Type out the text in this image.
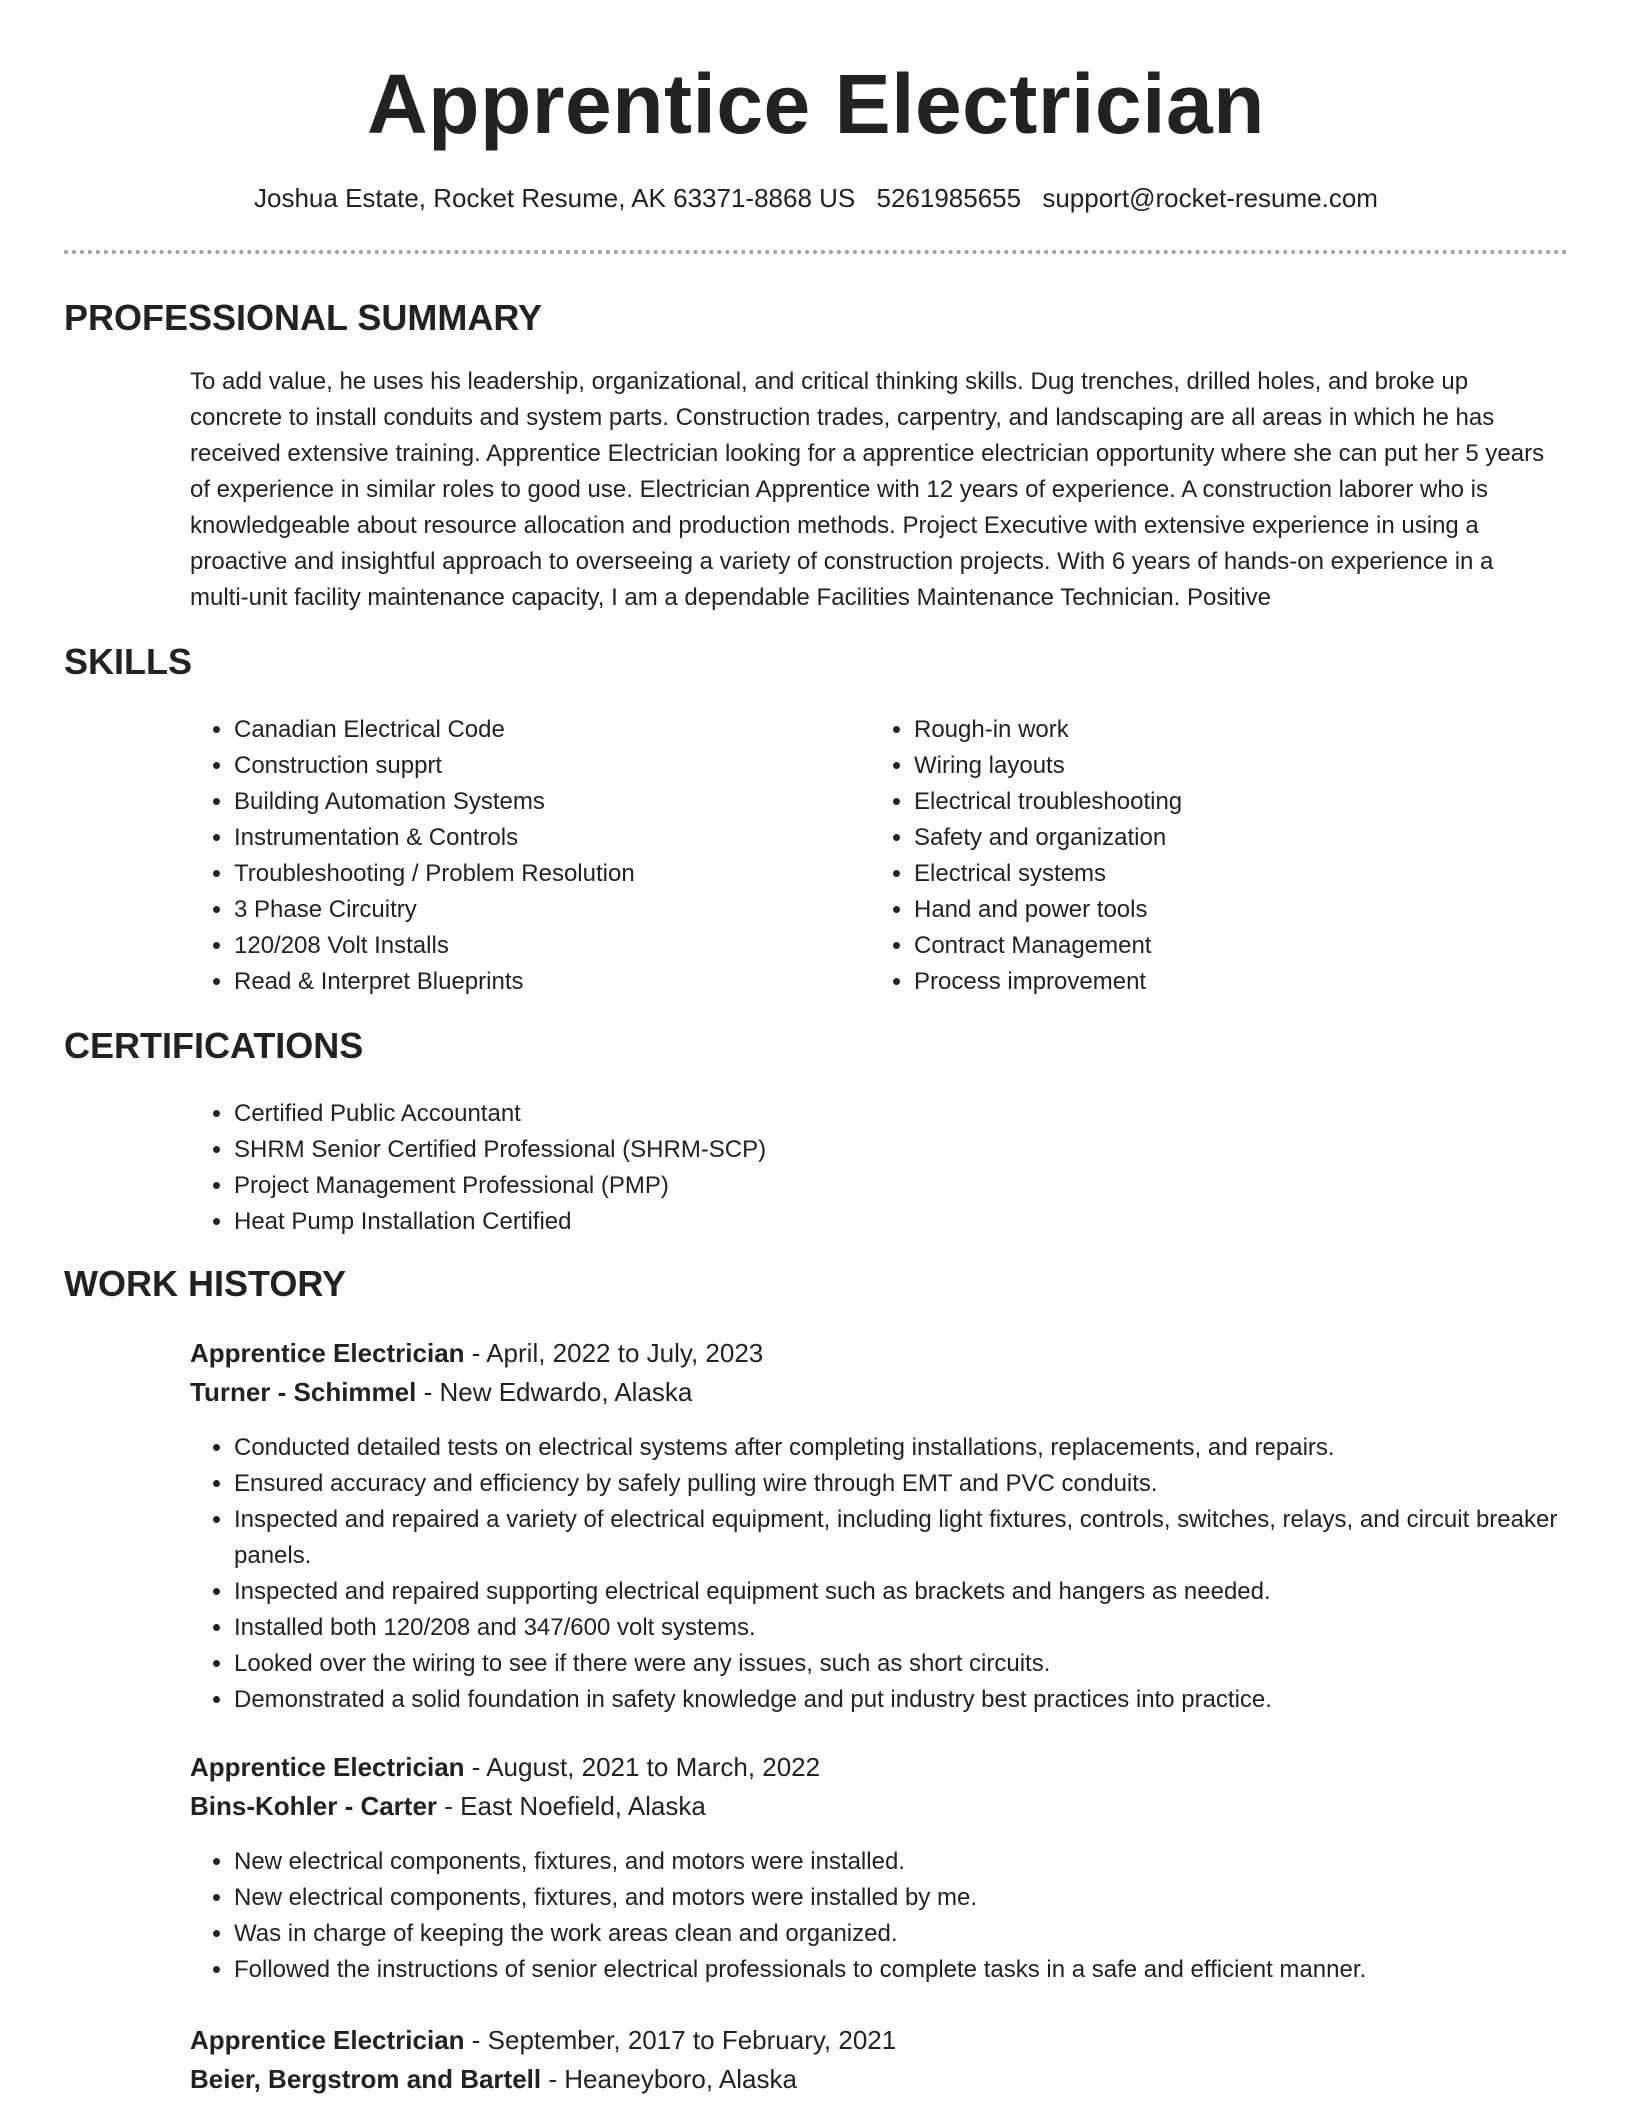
Apprentice Electrician
Joshua Estate, Rocket Resume, AK 63371-8868 US 5261985655 support@rocket-resume.com
PROFESSIONAL SUMMARY

To add value, he uses his leadership, organizational, and critical thinking skills. Dug trenches, drilled holes, and broke up concrete to install conduits and system parts. Construction trades, carpentry, and landscaping are all areas in which he has received extensive training. Apprentice Electrician looking for a apprentice electrician opportunity where she can put her 5 years of experience in similar roles to good use. Electrician Apprentice with 12 years of experience. A construction laborer who is knowledgeable about resource allocation and production methods. Project Executive with extensive experience in using a proactive and insightful approach to overseeing a variety of construction projects. With 6 years of hands-on experience in a multi-unit facility maintenance capacity, I am a dependable Facilities Maintenance Technician. Positive

SKILLS
• Canadian Electrical Code
• Construction supprt
• Building Automation Systems
• Instrumentation & Controls
• Troubleshooting / Problem Resolution
• 3 Phase Circuitry
• 120/208 Volt Installs
• Read & Interpret Blueprints
• Rough-in work
• Wiring layouts
• Electrical troubleshooting
• Safety and organization
• Electrical systems
• Hand and power tools
• Contract Management
• Process improvement
CERTIFICATIONS
• Certified Public Accountant
• SHRM Senior Certified Professional (SHRM-SCP)
• Project Management Professional (PMP)
• Heat Pump Installation Certified
WORK HISTORY
Apprentice Electrician - April, 2022 to July, 2023
Turner - Schimmel - New Edwardo, Alaska
• Conducted detailed tests on electrical systems after completing installations, replacements, and repairs.
• Ensured accuracy and efficiency by safely pulling wire through EMT and PVC conduits.
• Inspected and repaired a variety of electrical equipment, including light fixtures, controls, switches, relays, and circuit breaker panels.
• Inspected and repaired supporting electrical equipment such as brackets and hangers as needed.
• Installed both 120/208 and 347/600 volt systems.
• Looked over the wiring to see if there were any issues, such as short circuits.
• Demonstrated a solid foundation in safety knowledge and put industry best practices into practice.
Apprentice Electrician - August, 2021 to March, 2022
Bins-Kohler - Carter - East Noefield, Alaska
• New electrical components, fixtures, and motors were installed.
• New electrical components, fixtures, and motors were installed by me.
• Was in charge of keeping the work areas clean and organized.
• Followed the instructions of senior electrical professionals to complete tasks in a safe and efficient manner.
Apprentice Electrician - September, 2017 to February, 2021
Beier, Bergstrom and Bartell - Heaneyboro, Alaska
